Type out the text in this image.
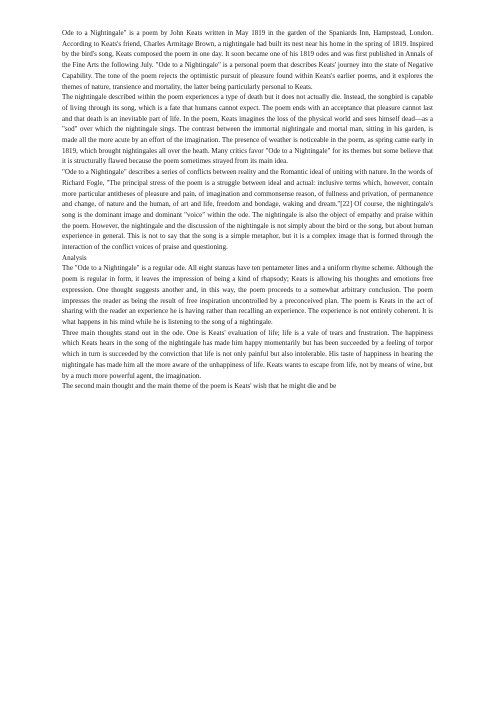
Ode to a Nightingale" is a poem by John Keats written in May 1819 in the garden of the Spaniards Inn, Hampstead, London. According to Keats's friend, Charles Armitage Brown, a nightingale had built its nest near his home in the spring of 1819. Inspired by the bird's song, Keats composed the poem in one day. It soon became one of his 1819 odes and was first published in Annals of the Fine Arts the following July. "Ode to a Nightingale" is a personal poem that describes Keats' journey into the state of Negative Capability. The tone of the poem rejects the optimistic pursuit of pleasure found within Keats's earlier poems, and it explores the themes of nature, transience and mortality, the latter being particularly personal to Keats.

The nightingale described within the poem experiences a type of death but it does not actually die. Instead, the songbird is capable of living through its song, which is a fate that humans cannot expect. The poem ends with an acceptance that pleasure cannot last and that death is an inevitable part of life. In the poem, Keats imagines the loss of the physical world and sees himself dead—as a "sod" over which the nightingale sings. The contrast between the immortal nightingale and mortal man, sitting in his garden, is made all the more acute by an effort of the imagination. The presence of weather is noticeable in the poem, as spring came early in 1819, which brought nightingales all over the heath. Many critics favor "Ode to a Nightingale" for its themes but some believe that it is structurally flawed because the poem sometimes strayed from its main idea.

"Ode to a Nightingale" describes a series of conflicts between reality and the Romantic ideal of uniting with nature. In the words of Richard Fogle, "The principal stress of the poem is a struggle between ideal and actual: inclusive terms which, however, contain more particular antitheses of pleasure and pain, of imagination and commonsense reason, of fullness and privation, of permanence and change, of nature and the human, of art and life, freedom and bondage, waking and dream."[22] Of course, the nightingale's song is the dominant image and dominant "voice" within the ode. The nightingale is also the object of empathy and praise within the poem. However, the nightingale and the discussion of the nightingale is not simply about the bird or the song, but about human experience in general. This is not to say that the song is a simple metaphor, but it is a complex image that is formed through the interaction of the conflict voices of praise and questioning.

Analysis

The "Ode to a Nightingale" is a regular ode. All eight stanzas have ten pentameter lines and a uniform rhyme scheme. Although the poem is regular in form, it leaves the impression of being a kind of rhapsody; Keats is allowing his thoughts and emotions free expression. One thought suggests another and, in this way, the poem proceeds to a somewhat arbitrary conclusion. The poem impresses the reader as being the result of free inspiration uncontrolled by a preconceived plan. The poem is Keats in the act of sharing with the reader an experience he is having rather than recalling an experience. The experience is not entirely coherent. It is what happens in his mind while he is listening to the song of a nightingale.

Three main thoughts stand out in the ode. One is Keats' evaluation of life; life is a vale of tears and frustration. The happiness which Keats hears in the song of the nightingale has made him happy momentarily but has been succeeded by a feeling of torpor which in turn is succeeded by the conviction that life is not only painful but also intolerable. His taste of happiness in hearing the nightingale has made him all the more aware of the unhappiness of life. Keats wants to escape from life, not by means of wine, but by a much more powerful agent, the imagination.

The second main thought and the main theme of the poem is Keats' wish that he might die and be
